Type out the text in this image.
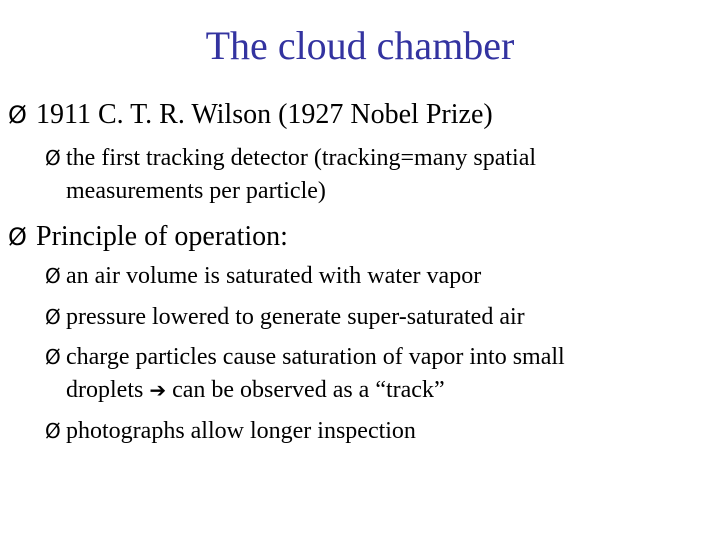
The cloud chamber
Ø 1911 C. T. R. Wilson (1927 Nobel Prize)
Ø the first tracking detector (tracking=many spatial
measurements per particle)
Ø Principle of operation:
Ø an air volume is saturated with water vapor
Ø pressure lowered to generate super-saturated air
Ø charge particles cause saturation of vapor into small
droplets ➔ can be observed as a “track”
Ø photographs allow longer inspection
